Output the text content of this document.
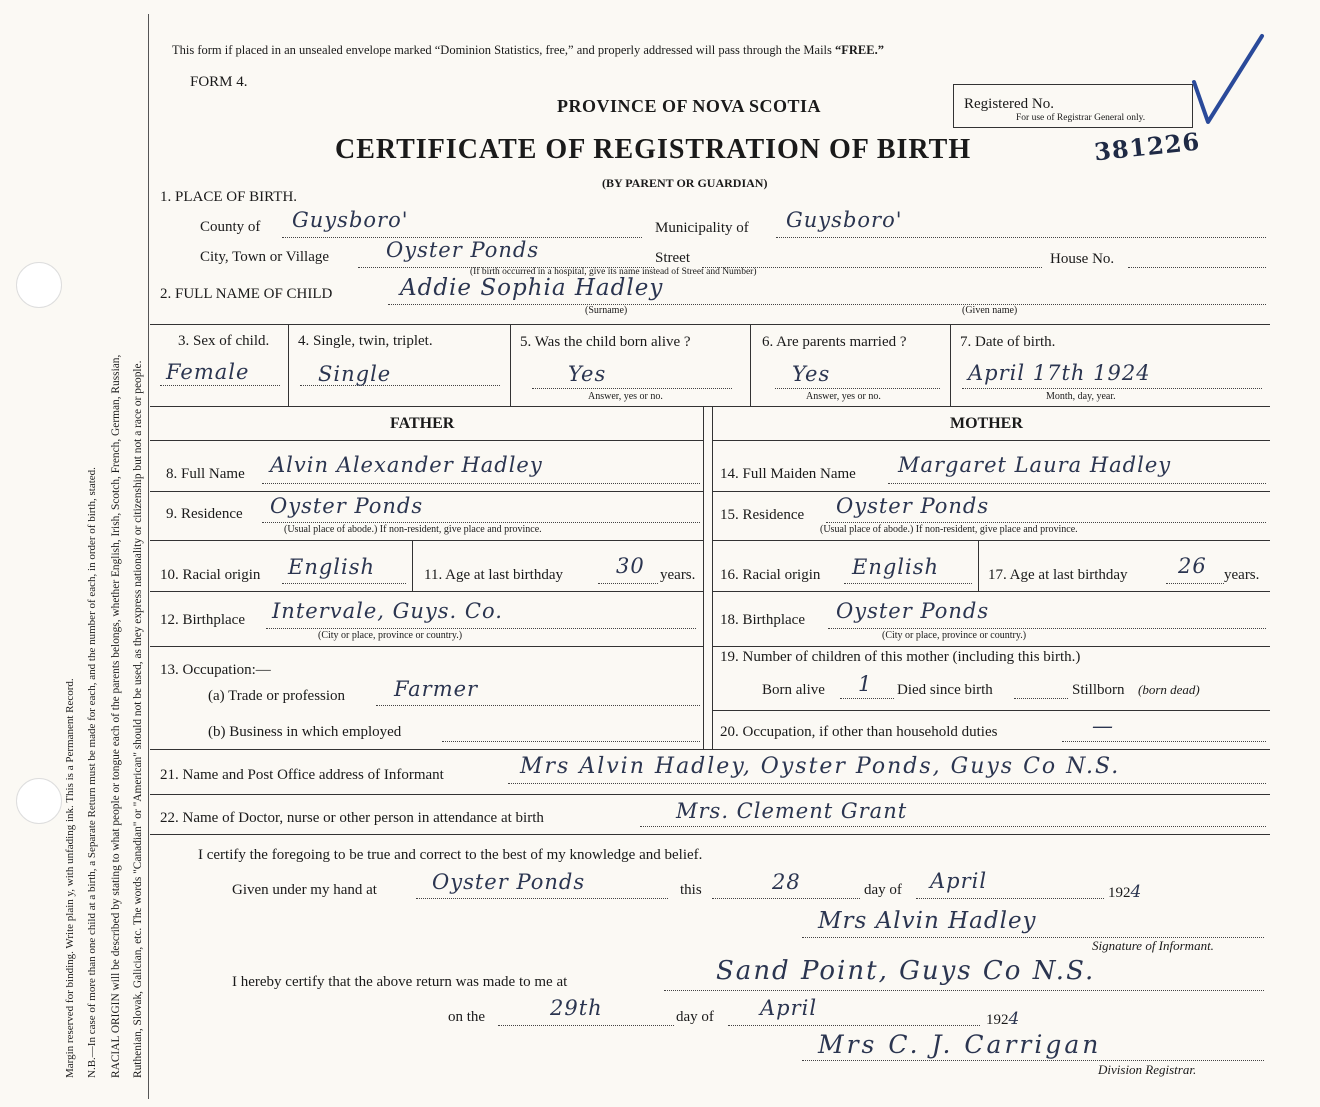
Margin reserved for binding. Write plain y, with unfading ink. This is a Permanent Record. N.B.—In case of more than one child at a birth, a Separate Return must be made for each, and the number of each, in order of birth, stated. RACIAL ORIGIN will be described by stating to what people or tongue each of the parents belongs, whether English, Irish, Scotch, French, German, Russian, Ruthenian, Slovak, Galician, etc. The words "Canadian" or "American" should not be used, as they express nationality or citizenship but not a race or people.
This form if placed in an unsealed envelope marked “Dominion Statistics, free,” and properly addressed will pass through the Mails “FREE.”
FORM 4.
PROVINCE OF NOVA SCOTIA	Registered No.
For use of Registrar General only.
CERTIFICATE OF REGISTRATION OF BIRTH	381226
(BY PARENT OR GUARDIAN)
1. PLACE OF BIRTH.
County of Guysboro'	Municipality of Guysboro'
City, Town or Village	Oyster Ponds	Street	House No.
(If birth occurred in a hospital, give its name instead of Street and Number)
2. FULL NAME OF CHILD	Addie Sophia Hadley
(Surname)	(Given name)
3. Sex of child.
Female
4. Single, twin, triplet.
Single
5. Was the child born alive ?
Yes
Answer, yes or no.
6. Are parents married ?
Yes
Answer, yes or no.
7. Date of birth.
April 17th 1924
Month, day, year.
FATHER	MOTHER
8. Full Name Alvin Alexander Hadley	14. Full Maiden Name Margaret Laura Hadley
9. Residence Oyster Ponds
(Usual place of abode.) If non-resident, give place and province.
15. Residence Oyster Ponds
(Usual place of abode.) If non-resident, give place and province.
10. Racial origin English	11. Age at last birthday	30 years. 16. Racial origin English	17. Age at last birthday 26 years.
12. Birthplace Intervale, Guys. Co.
(City or place, province or country.)
18. Birthplace Oyster Ponds
(City or place, province or country.)
13. Occupation:—
(a) Trade or profession Farmer
(b) Business in which employed
19. Number of children of this mother (including this birth.)
Born alive 1 Died since birth	Stillborn (born dead)
20. Occupation, if other than household duties	—
21. Name and Post Office address of Informant	Mrs Alvin Hadley, Oyster Ponds, Guys Co N.S.
22. Name of Doctor, nurse or other person in attendance at birth	Mrs. Clement Grant
I certify the foregoing to be true and correct to the best of my knowledge and belief.
Given under my hand at	Oyster Ponds	this	28	day of April	1924
Mrs Alvin Hadley
Signature of Informant.
I hereby certify that the above return was made to me at	Sand Point, Guys Co N.S.
on the	29th	day of April	1924
Mrs C. J. Carrigan
Division Registrar.
